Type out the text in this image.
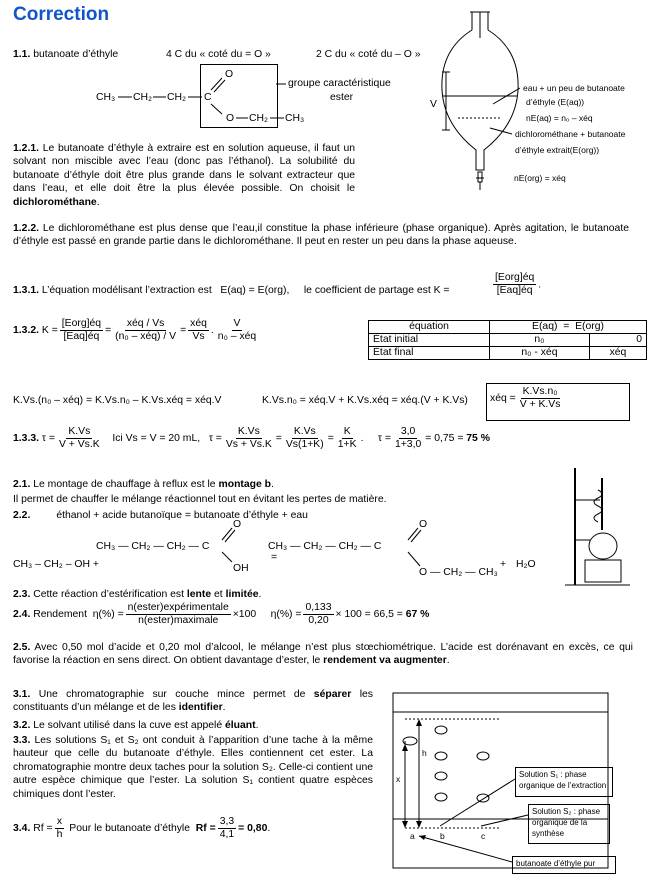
Correction
1.1. butanoate d’éthyle	4 C du « coté du = O »	2 C du « coté du – O »
CH₃ CH₂ CH₂ C
O
O CH₂ CH₃
groupe caractéristique
ester
V
eau + un peu de butanoate
d’éthyle (E(aq))
nE(aq) = n₀ – xéq
dichlorométhane + butanoate
d’éthyle extrait(E(org))
nE(org) = xéq
1.2.1. Le butanoate d’éthyle à extraire est en solution aqueuse, il faut un solvant non miscible avec l’eau (donc pas l’éthanol). La solubilité du butanoate d’éthyle doit être plus grande dans le solvant extracteur que dans l’eau, et elle doit être la plus élevée possible. On choisit le dichlorométhane.
1.2.2. Le dichlorométhane est plus dense que l’eau,il constitue la phase inférieure (phase organique). Après agitation, le butanoate d’éthyle est passé en grande partie dans le dichlorométhane. Il peut en rester un peu dans la phase aqueuse.
1.3.1. L’équation modélisant l’extraction est E(aq) = E(org), le coefficient de partage est K =	$\frac{\text{[Eorg]éq}}{\text{[Eaq]éq}}$ .
1.3.2.
$K = \frac{\text{[Eorg]éq}}{\text{[Eaq]éq}} = \frac{\text{xéq / Vs}}{\text{(n₀ – xéq) / V}} = \frac{\text{xéq}}{Vs}$ . $\frac{V}{\text{n₀ – xéq}}$	équation	E(aq) = E(org)	
État initial	n₀	0
État final	n₀ - xéq	xéq
K.Vs.(n₀ – xéq) = K.Vs.n₀ – K.Vs.xéq = xéq.V	K.Vs.n₀ = xéq.V + K.Vs.xéq = xéq.(V + K.Vs) xéq = $\frac{\text{K.Vs.n₀}}{V + K.Vs}$
1.3.3.
$\tau = \frac{K.Vs}{V + Vs.K}$
Ici Vs = V = 20 mL,
$\tau = \frac{K.Vs}{Vs + Vs.K} = \frac{K.Vs}{Vs(1+K)} = \frac{K}{1+K}$ . $\tau = \frac{3,0}{1+3,0} = 0,75$ =
75 %
2.1. Le montage de chauffage à reflux est le montage b.
Il permet de chauffer le mélange réactionnel tout en évitant les pertes de matière.
2.2. éthanol + acide butanoïque = butanoate d’éthyle + eau
CH₃ — CH₂ — CH₂ — C
O
OH
CH₃ – CH₂ – OH +
=
CH₃ — CH₂ — CH₂ — C
O
O — CH₂ — CH₃
+ H₂O
2.3. Cette réaction d’estérification est lente et limitée.
2.4.
Rendement
$\eta(\%) = \frac{\text{n(ester)expérimentale}}{\text{n(ester)maximale}} \times 100$
$\eta(\%) = \frac{0,133}{0,20} \times 100 = 66,5$ =
67 %
2.5. Avec 0,50 mol d’acide et 0,20 mol d’alcool, le mélange n’est plus stœchiométrique. L’acide est dorénavant en excès, ce qui favorise la réaction en sens direct. On obtient davantage d’ester, le rendement va augmenter.
3.1. Une chromatographie sur couche mince permet de séparer les constituants d’un mélange et de les identifier.
3.2. Le solvant utilisé dans la cuve est appelé éluant.
3.3. Les solutions S₁ et S₂ ont conduit à l’apparition d’une tache à la même hauteur que celle du butanoate d’éthyle. Elles contiennent cet ester. La chromatographie montre deux taches pour la solution S₂. Celle-ci contient une autre espèce chimique que l’ester. La solution S₁ contient quatre espèces chimiques dont l’ester.
3.4.
$Rf = \frac{x}{h}$
Pour le butanoate d’éthyle
$Rf = \frac{3,3}{4,1} = 0,80$ .
h
x
a	b	c
Solution S₁ : phase
organique de l’extraction
Solution S₂ : phase
organique de la
synthèse
butanoate d’éthyle pur
